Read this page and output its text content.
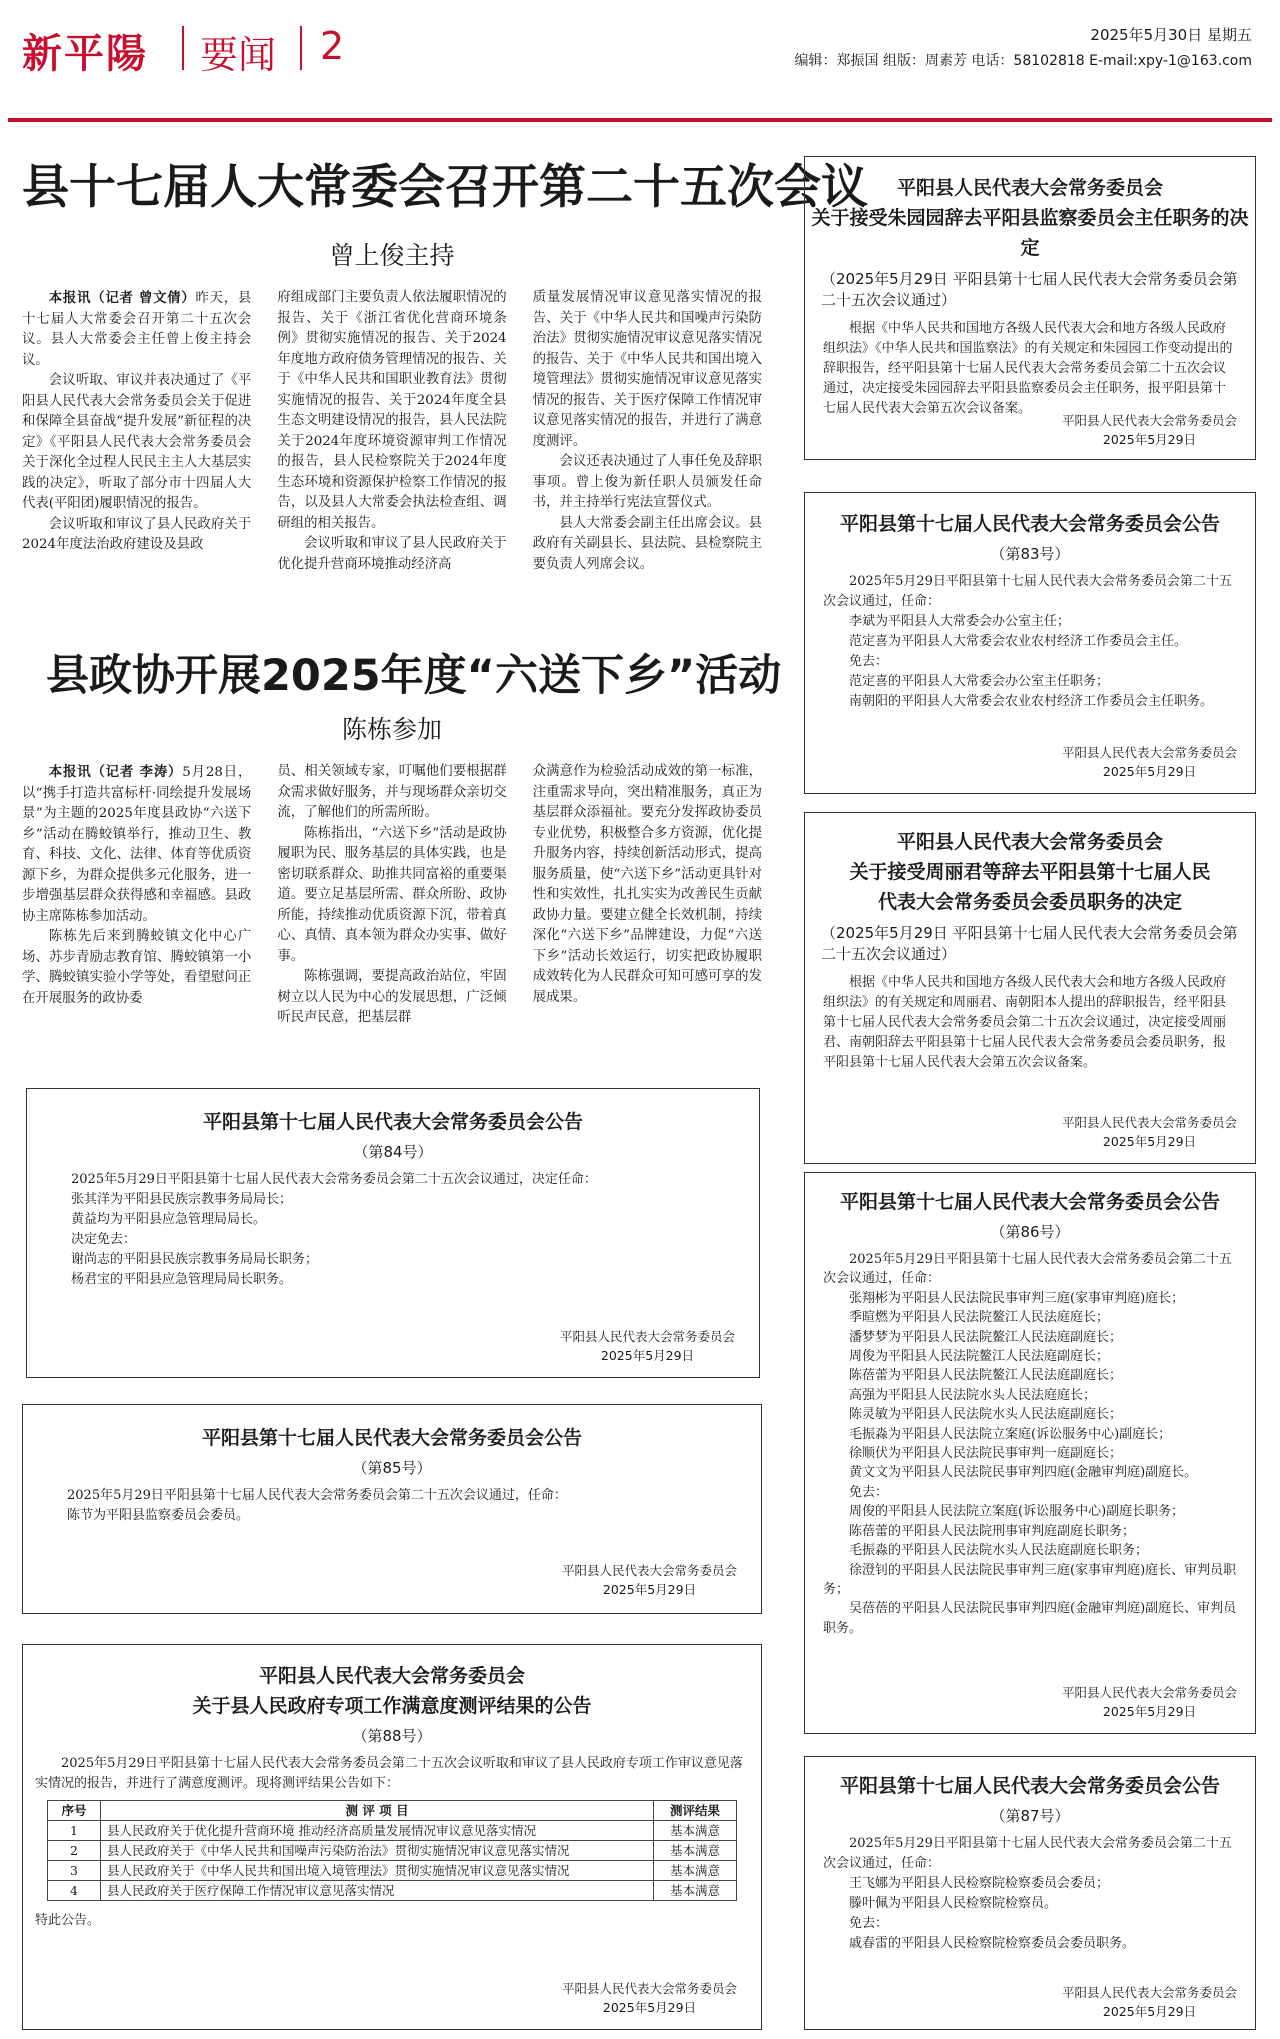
新平陽 要闻 2	2025年5月30日 星期五
编辑：郑振国 组版：周素芳 电话：58102818 E-mail:xpy-1@163.com
县十七届人大常委会召开第二十五次会议
曾上俊主持

本报讯（记者 曾文倩）昨天，县十七届人大常委会召开第二十五次会议。县人大常委会主任曾上俊主持会议。

会议听取、审议并表决通过了《平阳县人民代表大会常务委员会关于促进和保障全县奋战“提升发展”新征程的决定》《平阳县人民代表大会常务委员会关于深化全过程人民民主主人大基层实践的决定》，听取了部分市十四届人大代表(平阳团)履职情况的报告。

会议听取和审议了县人民政府关于2024年度法治政府建设及县政

府组成部门主要负责人依法履职情况的报告、关于《浙江省优化营商环境条例》贯彻实施情况的报告、关于2024年度地方政府债务管理情况的报告、关于《中华人民共和国职业教育法》贯彻实施情况的报告、关于2024年度全县生态文明建设情况的报告，县人民法院关于2024年度环境资源审判工作情况的报告，县人民检察院关于2024年度生态环境和资源保护检察工作情况的报告，以及县人大常委会执法检查组、调研组的相关报告。

会议听取和审议了县人民政府关于优化提升营商环境推动经济高

质量发展情况审议意见落实情况的报告、关于《中华人民共和国噪声污染防治法》贯彻实施情况审议意见落实情况的报告、关于《中华人民共和国出境入境管理法》贯彻实施情况审议意见落实情况的报告、关于医疗保障工作情况审议意见落实情况的报告，并进行了满意度测评。

会议还表决通过了人事任免及辞职事项。曾上俊为新任职人员颁发任命书，并主持举行宪法宣誓仪式。

县人大常委会副主任出席会议。县政府有关副县长、县法院、县检察院主要负责人列席会议。

县政协开展2025年度“六送下乡”活动
陈栋参加

本报讯（记者 李涛）5月28日，以“携手打造共富标杆·同绘提升发展场景”为主题的2025年度县政协“六送下乡”活动在腾蛟镇举行，推动卫生、教育、科技、文化、法律、体育等优质资源下乡，为群众提供多元化服务，进一步增强基层群众获得感和幸福感。县政协主席陈栋参加活动。

陈栋先后来到腾蛟镇文化中心广场、苏步青励志教育馆、腾蛟镇第一小学、腾蛟镇实验小学等处，看望慰问正在开展服务的政协委

员、相关领域专家，叮嘱他们要根据群众需求做好服务，并与现场群众亲切交流，了解他们的所需所盼。

陈栋指出，“六送下乡”活动是政协履职为民、服务基层的具体实践，也是密切联系群众、助推共同富裕的重要渠道。要立足基层所需、群众所盼、政协所能，持续推动优质资源下沉，带着真心、真情、真本领为群众办实事、做好事。

陈栋强调，要提高政治站位，牢固树立以人民为中心的发展思想，广泛倾听民声民意，把基层群

众满意作为检验活动成效的第一标准，注重需求导向，突出精准服务，真正为基层群众添福祉。要充分发挥政协委员专业优势，积极整合多方资源，优化提升服务内容，持续创新活动形式，提高服务质量，使“六送下乡”活动更具针对性和实效性，扎扎实实为改善民生贡献政协力量。要建立健全长效机制，持续深化“六送下乡”品牌建设，力促“六送下乡”活动长效运行，切实把政协履职成效转化为人民群众可知可感可享的发展成果。

平阳县第十七届人民代表大会常务委员会公告
（第84号）

2025年5月29日平阳县第十七届人民代表大会常务委员会第二十五次会议通过，决定任命：

张其洋为平阳县民族宗教事务局局长；

黄益均为平阳县应急管理局局长。

决定免去：

谢尚志的平阳县民族宗教事务局局长职务；

杨君宝的平阳县应急管理局局长职务。

平阳县人民代表大会常务委员会
2025年5月29日
平阳县第十七届人民代表大会常务委员会公告
（第85号）

2025年5月29日平阳县第十七届人民代表大会常务委员会第二十五次会议通过，任命：

陈节为平阳县监察委员会委员。

平阳县人民代表大会常务委员会
2025年5月29日
平阳县人民代表大会常务委员会
关于县人民政府专项工作满意度测评结果的公告
（第88号）

2025年5月29日平阳县第十七届人民代表大会常务委员会第二十五次会议听取和审议了县人民政府专项工作审议意见落实情况的报告，并进行了满意度测评。现将测评结果公告如下：

序号	测 评 项 目	测评结果
1	县人民政府关于优化提升营商环境 推动经济高质量发展情况审议意见落实情况	基本满意
2	县人民政府关于《中华人民共和国噪声污染防治法》贯彻实施情况审议意见落实情况	基本满意
3	县人民政府关于《中华人民共和国出境入境管理法》贯彻实施情况审议意见落实情况	基本满意
4	县人民政府关于医疗保障工作情况审议意见落实情况	基本满意

特此公告。

平阳县人民代表大会常务委员会
2025年5月29日
平阳县人民代表大会常务委员会
关于接受朱园园辞去平阳县监察委员会主任职务的决定
（2025年5月29日 平阳县第十七届人民代表大会常务委员会第二十五次会议通过）

根据《中华人民共和国地方各级人民代表大会和地方各级人民政府组织法》《中华人民共和国监察法》的有关规定和朱园园工作变动提出的辞职报告，经平阳县第十七届人民代表大会常务委员会第二十五次会议通过，决定接受朱园园辞去平阳县监察委员会主任职务，报平阳县第十七届人民代表大会第五次会议备案。

平阳县人民代表大会常务委员会
2025年5月29日
平阳县第十七届人民代表大会常务委员会公告
（第83号）

2025年5月29日平阳县第十七届人民代表大会常务委员会第二十五次会议通过，任命：

李斌为平阳县人大常委会办公室主任；

范定喜为平阳县人大常委会农业农村经济工作委员会主任。

免去：

范定喜的平阳县人大常委会办公室主任职务；

南朝阳的平阳县人大常委会农业农村经济工作委员会主任职务。

平阳县人民代表大会常务委员会
2025年5月29日
平阳县人民代表大会常务委员会
关于接受周丽君等辞去平阳县第十七届人民
代表大会常务委员会委员职务的决定
（2025年5月29日 平阳县第十七届人民代表大会常务委员会第二十五次会议通过）

根据《中华人民共和国地方各级人民代表大会和地方各级人民政府组织法》的有关规定和周丽君、南朝阳本人提出的辞职报告，经平阳县第十七届人民代表大会常务委员会第二十五次会议通过，决定接受周丽君、南朝阳辞去平阳县第十七届人民代表大会常务委员会委员职务，报平阳县第十七届人民代表大会第五次会议备案。

平阳县人民代表大会常务委员会
2025年5月29日
平阳县第十七届人民代表大会常务委员会公告
（第86号）

2025年5月29日平阳县第十七届人民代表大会常务委员会第二十五次会议通过，任命：

张翔彬为平阳县人民法院民事审判三庭(家事审判庭)庭长；

季暄燃为平阳县人民法院鳌江人民法庭庭长；

潘梦梦为平阳县人民法院鳌江人民法庭副庭长；

周俊为平阳县人民法院鳌江人民法庭副庭长；

陈蓓蕾为平阳县人民法院鳌江人民法庭副庭长；

高强为平阳县人民法院水头人民法庭庭长；

陈灵敏为平阳县人民法院水头人民法庭副庭长；

毛振淼为平阳县人民法院立案庭(诉讼服务中心)副庭长；

徐顺伏为平阳县人民法院民事审判一庭副庭长；

黄文文为平阳县人民法院民事审判四庭(金融审判庭)副庭长。

免去：

周俊的平阳县人民法院立案庭(诉讼服务中心)副庭长职务；

陈蓓蕾的平阳县人民法院刑事审判庭副庭长职务；

毛振淼的平阳县人民法院水头人民法庭副庭长职务；

徐澄钊的平阳县人民法院民事审判三庭(家事审判庭)庭长、审判员职务；

吴蓓蓓的平阳县人民法院民事审判四庭(金融审判庭)副庭长、审判员职务。

平阳县人民代表大会常务委员会
2025年5月29日
平阳县第十七届人民代表大会常务委员会公告
（第87号）

2025年5月29日平阳县第十七届人民代表大会常务委员会第二十五次会议通过，任命：

王飞娜为平阳县人民检察院检察委员会委员；

滕叶佩为平阳县人民检察院检察员。

免去：

戚春雷的平阳县人民检察院检察委员会委员职务。

平阳县人民代表大会常务委员会
2025年5月29日
